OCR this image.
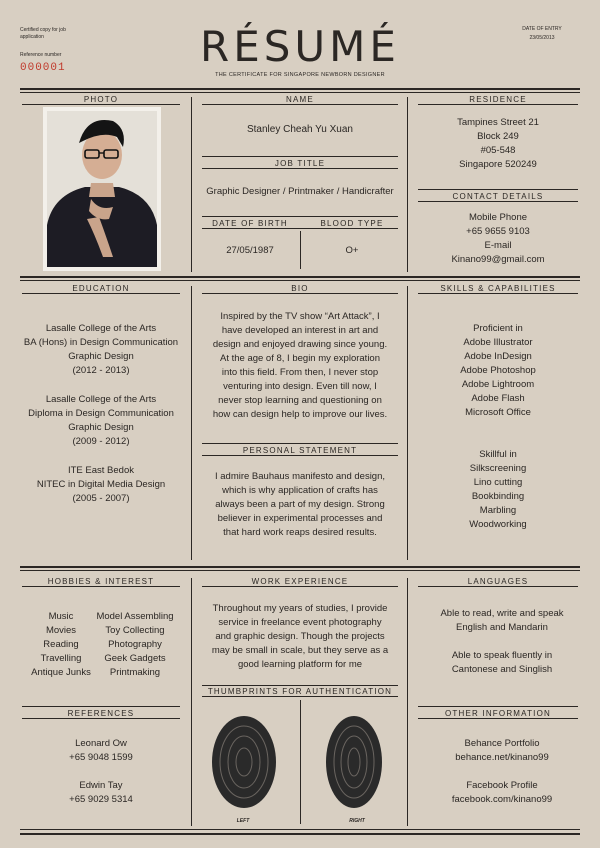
Certified copy for job application
Reference number
000001	RÉSUMÉ
THE CERTIFICATE FOR SINGAPORE NEWBORN DESIGNER
DATE OF ENTRY
23/05/2013
PHOTO	NAME	RESIDENCE
Stanley Cheah Yu Xuan
JOB TITLE
Graphic Designer / Printmaker / Handicrafter
DATE OF BIRTH	BLOOD TYPE
27/05/1987	O+
Tampines Street 21
Block 249
#05-548
Singapore 520249
CONTACT DETAILS
Mobile Phone
+65 9655 9103
E-mail
Kinano99@gmail.com
EDUCATION	BIO	SKILLS & CAPABILITIES
Lasalle College of the Arts
BA (Hons) in Design Communication
Graphic Design
(2012 - 2013)
Lasalle College of the Arts
Diploma in Design Communication
Graphic Design
(2009 - 2012)
ITE East Bedok
NITEC in Digital Media Design
(2005 - 2007)
Inspired by the TV show “Art Attack”, I
have developed an interest in art and
design and enjoyed drawing since young.
At the age of 8, I begin my exploration
into this field. From then, I never stop
venturing into design. Even till now, I
never stop learning and questioning on
how can design help to improve our lives.
PERSONAL STATEMENT
I admire Bauhaus manifesto and design,
which is why application of crafts has
always been a part of my design. Strong
believer in experimental processes and
that hard work reaps desired results.
Proficient in
Adobe Illustrator
Adobe InDesign
Adobe Photoshop
Adobe Lightroom
Adobe Flash
Microsoft Office
Skillful in
Silkscreening
Lino cutting
Bookbinding
Marbling
Woodworking
HOBBIES & INTEREST	WORK EXPERIENCE	LANGUAGES
Music
Movies
Reading
Travelling
Antique Junks
Model Assembling
Toy Collecting
Photography
Geek Gadgets
Printmaking
REFERENCES
Leonard Ow
+65 9048 1599
Edwin Tay
+65 9029 5314
Throughout my years of studies, I provide
service in freelance event photography
and graphic design. Though the projects
may be small in scale, but they serve as a
good learning platform for me
THUMBPRINTS FOR AUTHENTICATION
LEFT	RIGHT
Able to read, write and speak
English and Mandarin
Able to speak fluently in
Cantonese and Singlish
OTHER INFORMATION
Behance Portfolio
behance.net/kinano99
Facebook Profile
facebook.com/kinano99
